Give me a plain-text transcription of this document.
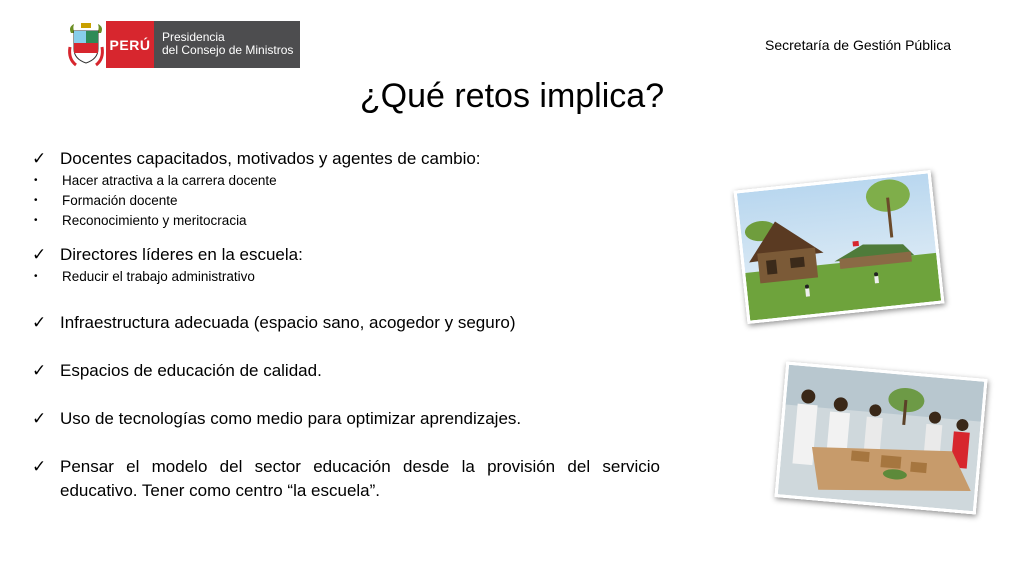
PERÚ Presidencia
del Consejo de Ministros	Secretaría de Gestión Pública
¿Qué retos implica?
✓ Docentes capacitados, motivados y agentes de cambio:
•	Hacer atractiva a la carrera docente
•	Formación docente
•	Reconocimiento y meritocracia
✓ Directores líderes en la escuela:
•	Reducir el trabajo administrativo
✓ Infraestructura adecuada (espacio sano, acogedor y seguro)
✓ Espacios de educación de calidad.
✓ Uso de tecnologías como medio para optimizar aprendizajes.
✓ Pensar el modelo del sector educación desde la provisión del servicio educativo. Tener como centro “la escuela”.
